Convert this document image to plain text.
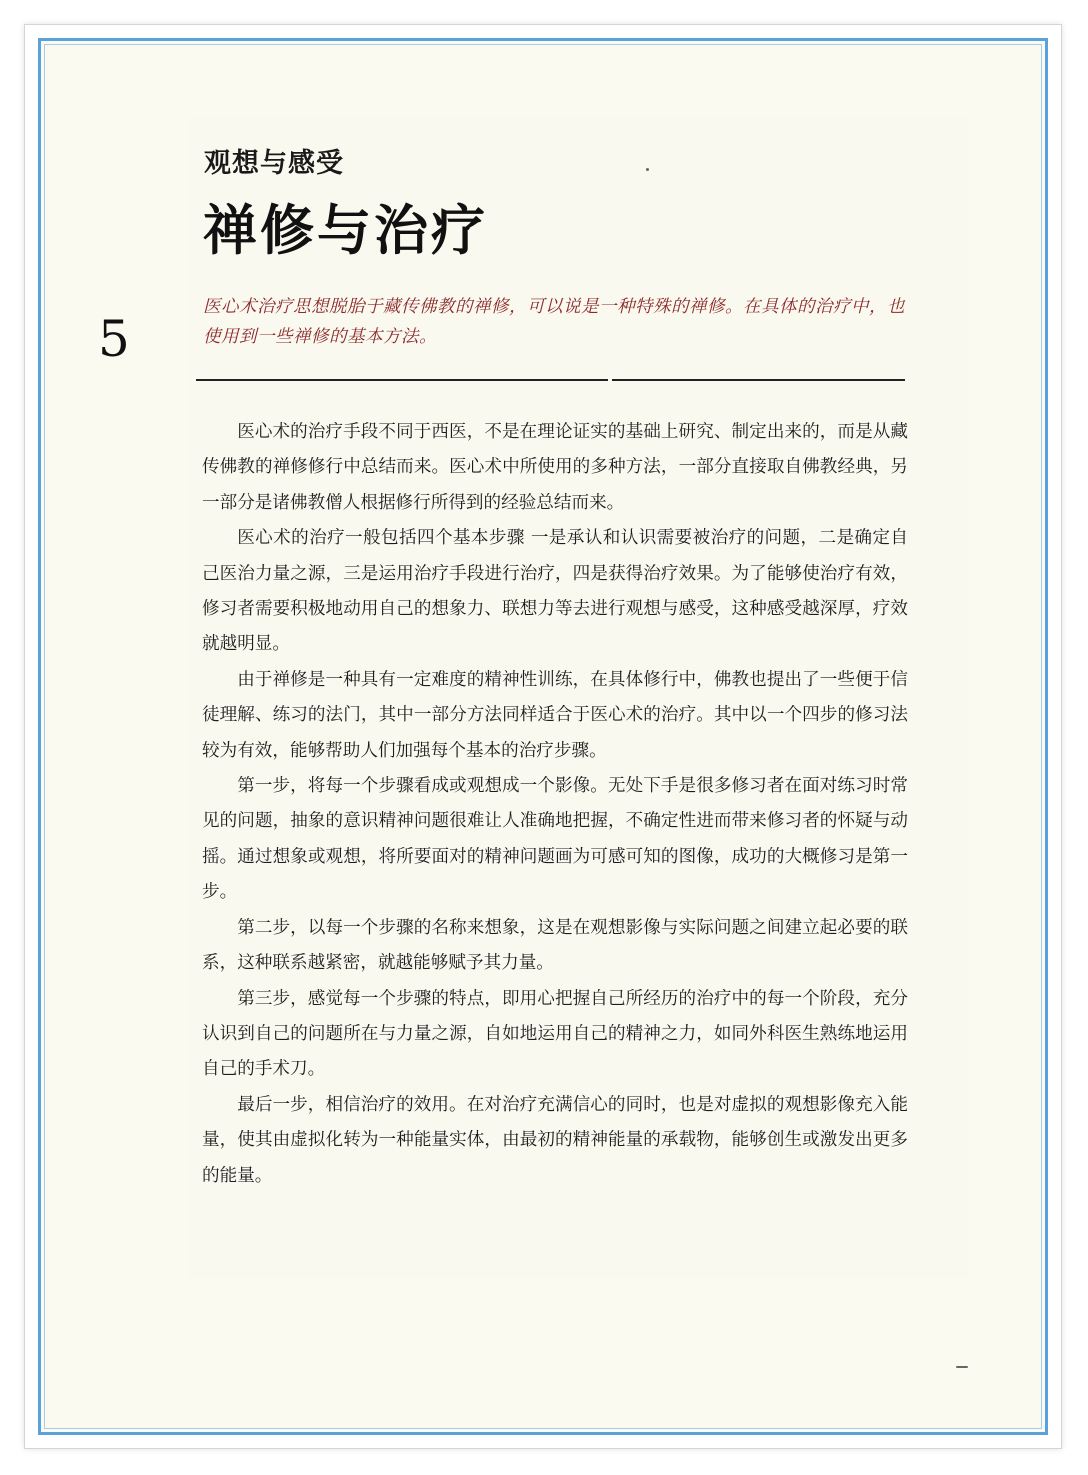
观想与感受
禅修与治疗
5
医心术治疗思想脱胎于藏传佛教的禅修，可以说是一种特殊的禅修。在具体的治疗中，也使用到一些禅修的基本方法。

医心术的治疗手段不同于西医，不是在理论证实的基础上研究、制定出来的，而是从藏传佛教的禅修修行中总结而来。医心术中所使用的多种方法，一部分直接取自佛教经典，另一部分是诸佛教僧人根据修行所得到的经验总结而来。

医心术的治疗一般包括四个基本步骤 一是承认和认识需要被治疗的问题，二是确定自己医治力量之源，三是运用治疗手段进行治疗，四是获得治疗效果。为了能够使治疗有效，修习者需要积极地动用自己的想象力、联想力等去进行观想与感受，这种感受越深厚，疗效就越明显。

由于禅修是一种具有一定难度的精神性训练，在具体修行中，佛教也提出了一些便于信徒理解、练习的法门，其中一部分方法同样适合于医心术的治疗。其中以一个四步的修习法较为有效，能够帮助人们加强每个基本的治疗步骤。

第一步，将每一个步骤看成或观想成一个影像。无处下手是很多修习者在面对练习时常见的问题，抽象的意识精神问题很难让人准确地把握，不确定性进而带来修习者的怀疑与动摇。通过想象或观想，将所要面对的精神问题画为可感可知的图像，成功的大概修习是第一步。

第二步，以每一个步骤的名称来想象，这是在观想影像与实际问题之间建立起必要的联系，这种联系越紧密，就越能够赋予其力量。

第三步，感觉每一个步骤的特点，即用心把握自己所经历的治疗中的每一个阶段，充分认识到自己的问题所在与力量之源，自如地运用自己的精神之力，如同外科医生熟练地运用自己的手术刀。

最后一步，相信治疗的效用。在对治疗充满信心的同时，也是对虚拟的观想影像充入能量，使其由虚拟化转为一种能量实体，由最初的精神能量的承载物，能够创生或激发出更多的能量。
